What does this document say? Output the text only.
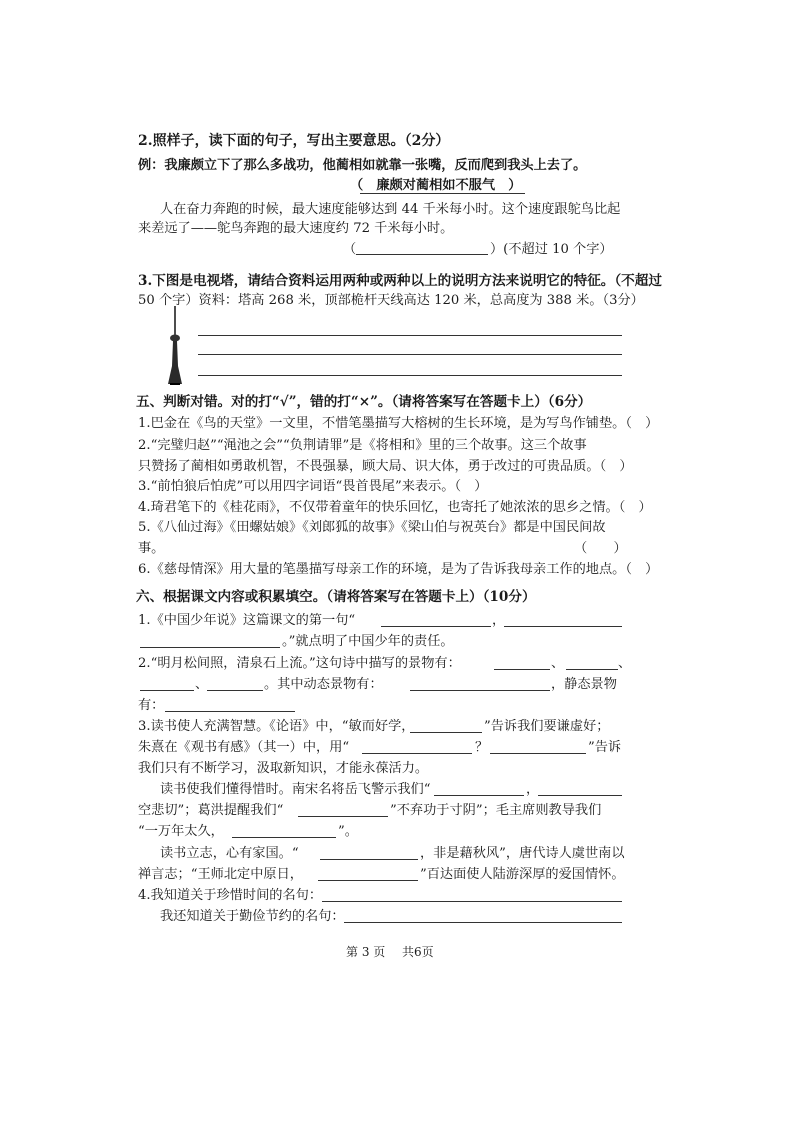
2.照样子，读下面的句子，写出主要意思。（2分）
例：我廉颇立下了那么多战功，他蔺相如就靠一张嘴，反而爬到我头上去了。
（　廉颇对蔺相如不服气　）
人在奋力奔跑的时候，最大速度能够达到 44 千米每小时。这个速度跟鸵鸟比起
来差远了——鸵鸟奔跑的最大速度约 72 千米每小时。
（	）(不超过 10 个字）
3.下图是电视塔，请结合资料运用两种或两种以上的说明方法来说明它的特征。（不超过
50 个字）资料：塔高 268 米，顶部桅杆天线高达 120 米，总高度为 388 米。（3分）
五、判断对错。对的打“√”，错的打“×”。（请将答案写在答题卡上）（6分）
1.巴金在《鸟的天堂》一文里，不惜笔墨描写大榕树的生长环境，是为写鸟作铺垫。（　）
2.“完璧归赵”“渑池之会”“负荆请罪”是《将相和》里的三个故事。这三个故事
只赞扬了蔺相如勇敢机智，不畏强暴，顾大局、识大体，勇于改过的可贵品质。（　）
3.“前怕狼后怕虎”可以用四字词语“畏首畏尾”来表示。（　）
4.琦君笔下的《桂花雨》，不仅带着童年的快乐回忆，也寄托了她浓浓的思乡之情。（　）
5.《八仙过海》《田螺姑娘》《刘郎狐的故事》《梁山伯与祝英台》都是中国民间故
事。	（　　）
6.《慈母情深》用大量的笔墨描写母亲工作的环境，是为了告诉我母亲工作的地点。（　）
六、根据课文内容或积累填空。（请将答案写在答题卡上）（10分）
1.《中国少年说》这篇课文的第一句“	，
。”就点明了中国少年的责任。
2.“明月松间照，清泉石上流。”这句诗中描写的景物有：	、	、
、	。其中动态景物有：	，静态景物
有：
3.读书使人充满智慧。《论语》中，“敏而好学，	”告诉我们要谦虚好；
朱熹在《观书有感》（其一）中，用“	？	”告诉
我们只有不断学习，汲取新知识，才能永葆活力。
读书使我们懂得惜时。南宋名将岳飞警示我们“	，
空悲切”；葛洪提醒我们“	”不弃功于寸阴”；毛主席则教导我们
“一万年太久，	”。
读书立志，心有家国。“	，非是藉秋风”，唐代诗人虞世南以
禅言志；“王师北定中原日，	”百达面使人陆游深厚的爱国情怀。
4.我知道关于珍惜时间的名句：
我还知道关于勤俭节约的名句：
第 3 页 共6页
